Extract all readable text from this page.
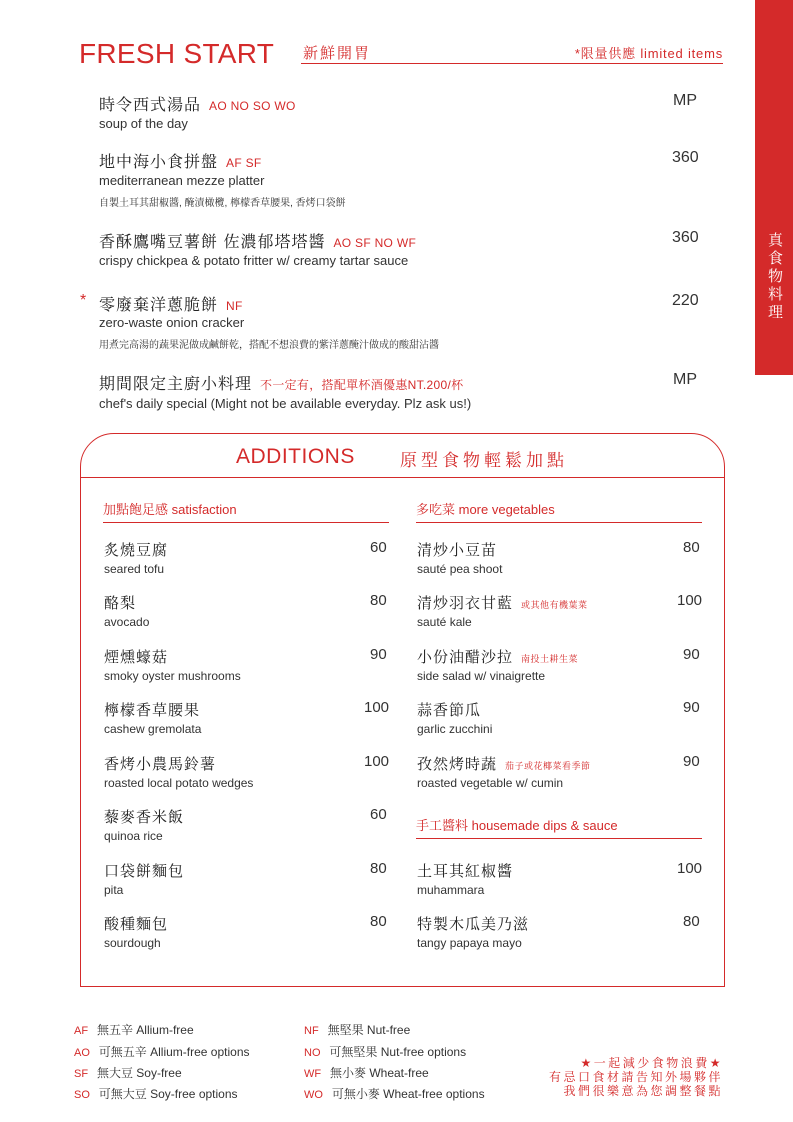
真食物料理
FRESH START 新鮮開胃	*限量供應 limited items
時令西式湯品 AO NO SO WO
soup of the day
MP
地中海小食拼盤 AF SF
mediterranean mezze platter
自製土耳其甜椒醬, 醃漬橄欖, 檸檬香草腰果, 香烤口袋餅
360
香酥鷹嘴豆薯餅 佐濃郁塔塔醬 AO SF NO WF
crispy chickpea & potato fritter w/ creamy tartar sauce
360
* 零廢棄洋蔥脆餅 NF
zero-waste onion cracker
用煮完高湯的蔬果泥做成鹹餅乾，搭配不想浪費的紫洋蔥醃汁做成的酸甜沾醬
220
期間限定主廚小料理 不一定有，搭配單杯酒優惠NT.200/杯
chef's daily special (Might not be available everyday. Plz ask us!)
MP
ADDITIONS	原型食物輕鬆加點
加點飽足感 satisfaction
炙燒豆腐
seared tofu
60
酪梨
avocado
80
煙燻蠔菇
smoky oyster mushrooms
90
檸檬香草腰果
cashew gremolata
100
香烤小農馬鈴薯
roasted local potato wedges
100
藜麥香米飯
quinoa rice
60
口袋餅麵包
pita
80
酸種麵包
sourdough
80
多吃菜 more vegetables
清炒小豆苗
sauté pea shoot
80
清炒羽衣甘藍 或其他有機葉菜
sauté kale
100
小份油醋沙拉 南投土耕生菜
side salad w/ vinaigrette
90
蒜香節瓜
garlic zucchini
90
孜然烤時蔬 茄子或花椰菜看季節
roasted vegetable w/ cumin
90
手工醬料 housemade dips & sauce
土耳其紅椒醬
muhammara
100
特製木瓜美乃滋
tangy papaya mayo
80
AF 無五辛 Allium-free
AO 可無五辛 Allium-free options
SF 無大豆 Soy-free
SO 可無大豆 Soy-free options
NF 無堅果 Nut-free
NO 可無堅果 Nut-free options
WF 無小麥 Wheat-free
WO 可無小麥 Wheat-free options
★一起減少食物浪費★
有忌口食材請告知外場夥伴
我們很樂意為您調整餐點
